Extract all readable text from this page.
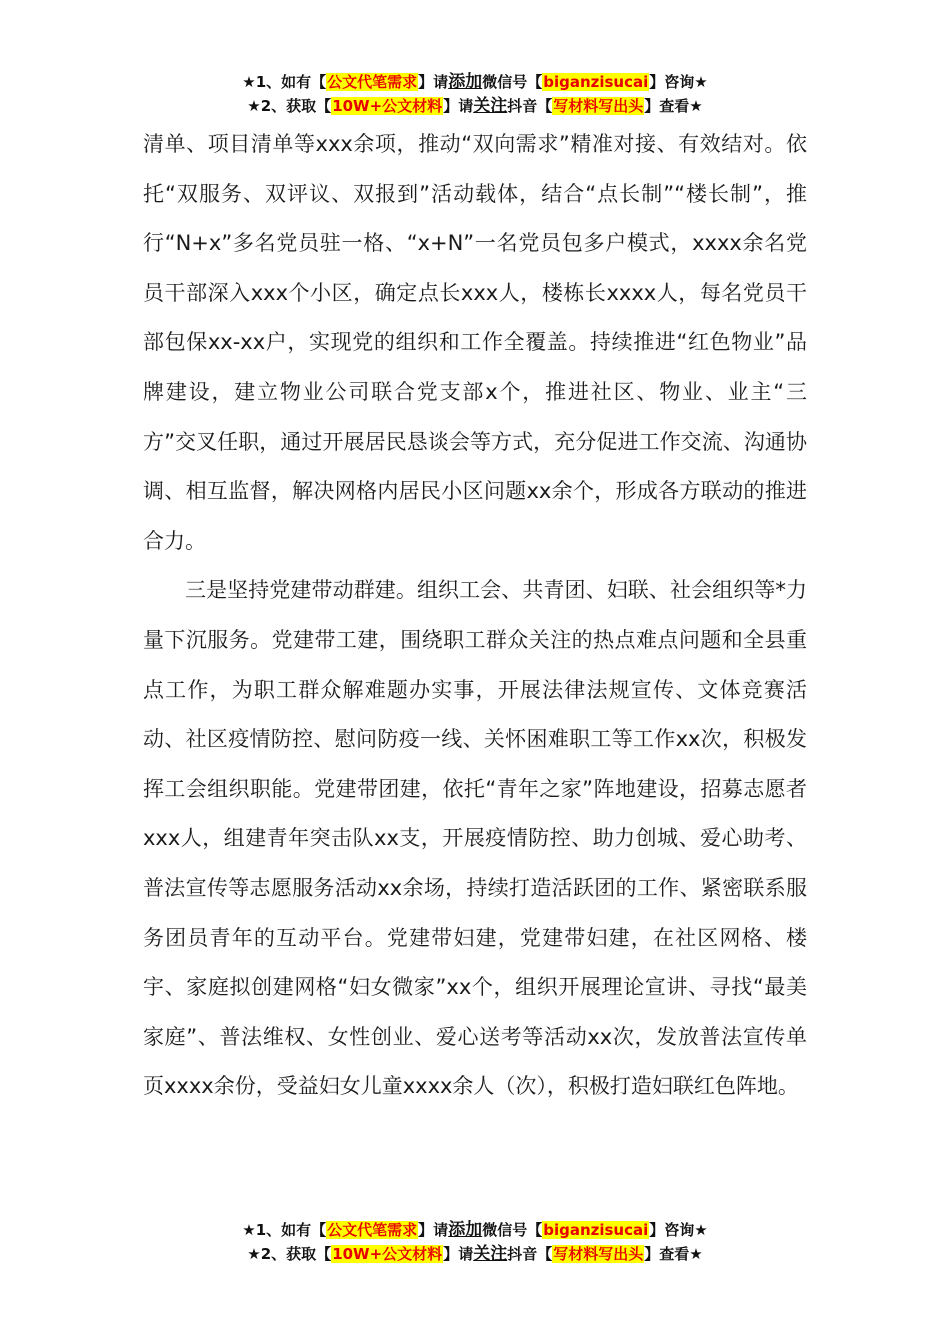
★1、如有【公文代笔需求】请添加微信号【biganzisucai】咨询★
★2、获取【10W+公文材料】请关注抖音【写材料写出头】查看★

清单、项目清单等xxx余项，推动“双向需求”精准对接、有效结对。依托“双服务、双评议、双报到”活动载体，结合“点长制”“楼长制”，推行“N+x”多名党员驻一格、“x+N”一名党员包多户模式，xxxx余名党员干部深入xxx个小区，确定点长xxx人，楼栋长xxxx人，每名党员干部包保xx-xx户，实现党的组织和工作全覆盖。持续推进“红色物业”品牌建设，建立物业公司联合党支部x个，推进社区、物业、业主“三方”交叉任职，通过开展居民恳谈会等方式，充分促进工作交流、沟通协调、相互监督，解决网格内居民小区问题xx余个，形成各方联动的推进合力。

三是坚持党建带动群建。组织工会、共青团、妇联、社会组织等*力量下沉服务。党建带工建，围绕职工群众关注的热点难点问题和全县重点工作，为职工群众解难题办实事，开展法律法规宣传、文体竞赛活动、社区疫情防控、慰问防疫一线、关怀困难职工等工作xx次，积极发挥工会组织职能。党建带团建，依托“青年之家”阵地建设，招募志愿者xxx人，组建青年突击队xx支，开展疫情防控、助力创城、爱心助考、普法宣传等志愿服务活动xx余场，持续打造活跃团的工作、紧密联系服务团员青年的互动平台。党建带妇建，党建带妇建，在社区网格、楼宇、家庭拟创建网格“妇女微家”xx个，组织开展理论宣讲、寻找“最美家庭”、普法维权、女性创业、爱心送考等活动xx次，发放普法宣传单页xxxx余份，受益妇女儿童xxxx余人（次），积极打造妇联红色阵地。

★1、如有【公文代笔需求】请添加微信号【biganzisucai】咨询★
★2、获取【10W+公文材料】请关注抖音【写材料写出头】查看★
